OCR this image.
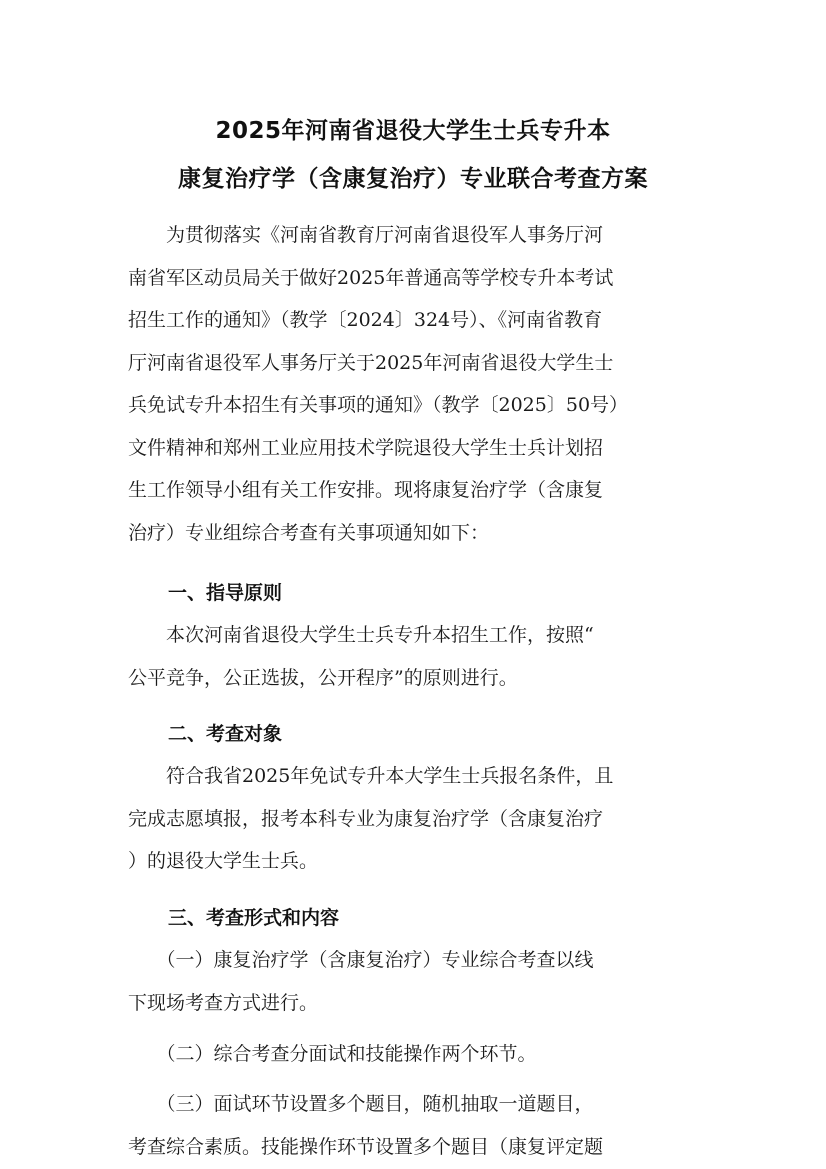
2025年河南省退役大学生士兵专升本
康复治疗学（含康复治疗）专业联合考查方案
　　为贯彻落实《河南省教育厅河南省退役军人事务厅河
南省军区动员局关于做好2025年普通高等学校专升本考试
招生工作的通知》（教学〔2024〕324号）、《河南省教育
厅河南省退役军人事务厅关于2025年河南省退役大学生士
兵免试专升本招生有关事项的通知》（教学〔2025〕50号）
文件精神和郑州工业应用技术学院退役大学生士兵计划招
生工作领导小组有关工作安排。现将康复治疗学（含康复
治疗）专业组综合考查有关事项通知如下：
一、指导原则
　　本次河南省退役大学生士兵专升本招生工作，按照“
公平竞争，公正选拔，公开程序”的原则进行。
二、考查对象
　　符合我省2025年免试专升本大学生士兵报名条件，且
完成志愿填报，报考本科专业为康复治疗学（含康复治疗
）的退役大学生士兵。
三、考查形式和内容
　　（一）康复治疗学（含康复治疗）专业综合考查以线
下现场考查方式进行。
　　（二）综合考查分面试和技能操作两个环节。
　　（三）面试环节设置多个题目，随机抽取一道题目，
考查综合素质。技能操作环节设置多个题目（康复评定题
